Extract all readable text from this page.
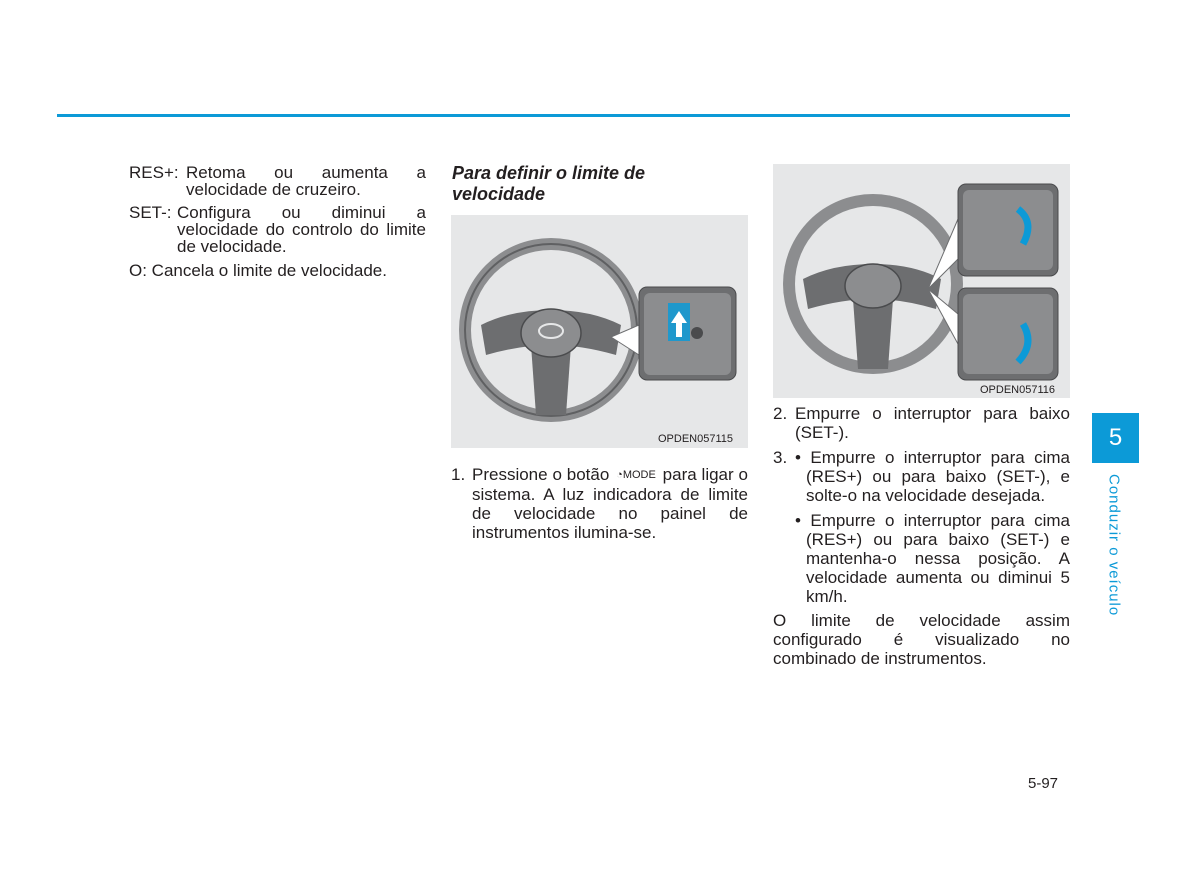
RES+: Retoma ou aumenta a velocidade de cruzeiro.
SET-: Configura ou diminui a velocidade do controlo do limite de velocidade.
O: Cancela o limite de velocidade.
Para definir o limite de velocidade
OPDEN057115
1. Pressione o botão ◔MODE para ligar o sistema. A luz indicadora de limite de velocidade no painel de instrumentos ilumina-se.
OPDEN057116
2. Empurre o interruptor para baixo (SET-).
3. • Empurre o interruptor para cima (RES+) ou para baixo (SET-), e solte-o na velocidade desejada.
• Empurre o interruptor para cima (RES+) ou para baixo (SET-) e mantenha-o nessa posição. A velocidade aumenta ou diminui 5 km/h.
O limite de velocidade assim configurado é visualizado no combinado de instrumentos.
5
Conduzir o veículo
5-97
